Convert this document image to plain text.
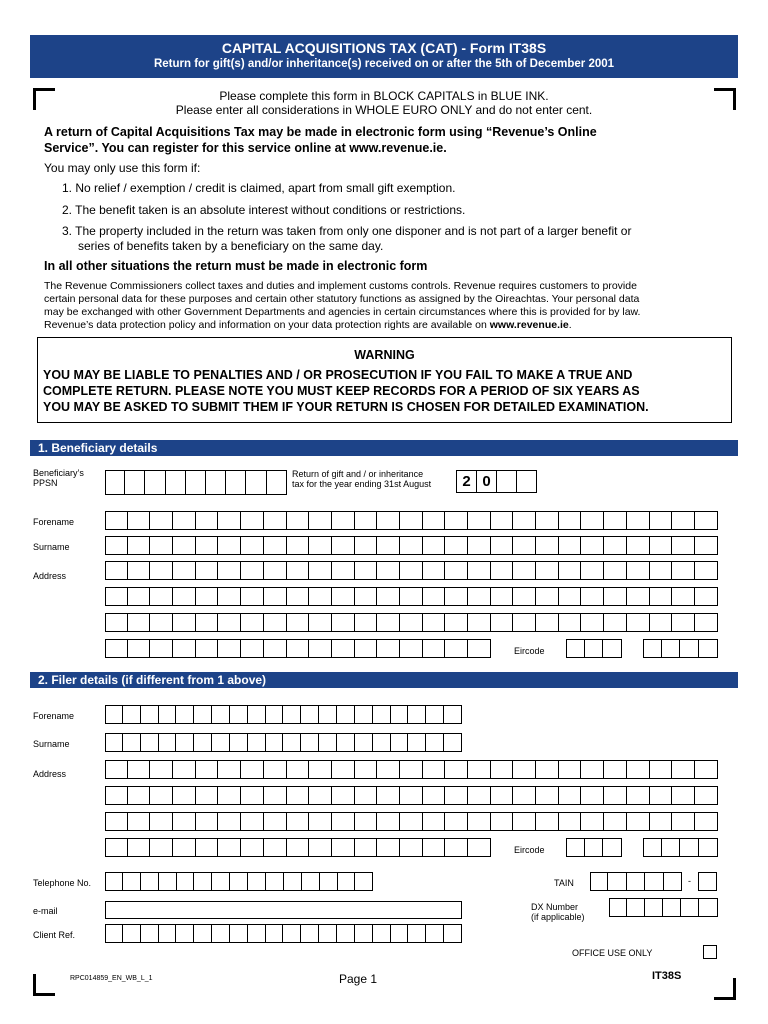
CAPITAL ACQUISITIONS TAX (CAT) - Form IT38S
Return for gift(s) and/or inheritance(s) received on or after the 5th of December 2001
Please complete this form in BLOCK CAPITALS in BLUE INK.
Please enter all considerations in WHOLE EURO ONLY and do not enter cent.
A return of Capital Acquisitions Tax may be made in electronic form using “Revenue’s Online
Service”. You can register for this service online at www.revenue.ie.
You may only use this form if:
1. No relief / exemption / credit is claimed, apart from small gift exemption.
2. The benefit taken is an absolute interest without conditions or restrictions.
3. The property included in the return was taken from only one disponer and is not part of a larger benefit or
series of benefits taken by a beneficiary on the same day.
In all other situations the return must be made in electronic form
The Revenue Commissioners collect taxes and duties and implement customs controls. Revenue requires customers to provide
certain personal data for these purposes and certain other statutory functions as assigned by the Oireachtas. Your personal data
may be exchanged with other Government Departments and agencies in certain circumstances where this is provided for by law.
Revenue’s data protection policy and information on your data protection rights are available on www.revenue.ie.
WARNING
YOU MAY BE LIABLE TO PENALTIES AND / OR PROSECUTION IF YOU FAIL TO MAKE A TRUE AND
COMPLETE RETURN. PLEASE NOTE YOU MUST KEEP RECORDS FOR A PERIOD OF SIX YEARS AS
YOU MAY BE ASKED TO SUBMIT THEM IF YOUR RETURN IS CHOSEN FOR DETAILED EXAMINATION.
1. Beneficiary details
Beneficiary’s
PPSN
Return of gift and / or inheritance
tax for the year ending 31st August	2 0
Forename
Surname
Address
Eircode
2. Filer details (if different from 1 above)
Forename
Surname
Address
Eircode
Telephone No.	TAIN	-
e-mail	DX Number
(if applicable)
Client Ref.
OFFICE USE ONLY
RPC014859_EN_WB_L_1	Page 1	IT38S
